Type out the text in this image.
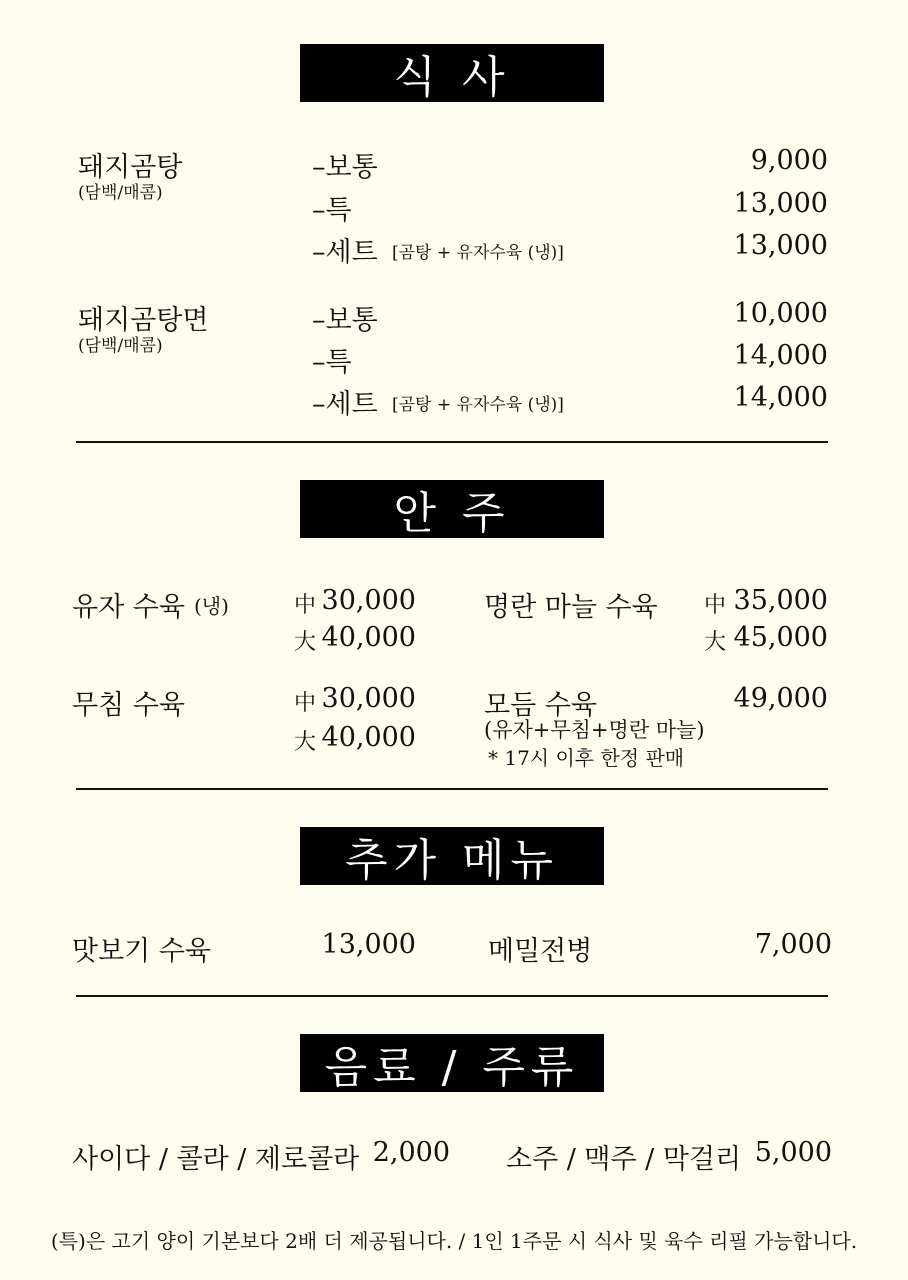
식 사
돼지곰탕
(담백/매콤)
–보통	9,000
–특	13,000
–세트 [곰탕 + 유자수육 (냉)]	13,000
돼지곰탕면
(담백/매콤)
–보통	10,000
–특	14,000
–세트 [곰탕 + 유자수육 (냉)]	14,000
안 주
유자 수육 (냉)	中 30,000
大 40,000
명란 마늘 수육 中 35,000
大 45,000
무침 수육	中 30,000
大 40,000
모듬 수육	49,000
(유자+무침+명란 마늘)
* 17시 이후 한정 판매
추가 메뉴
맛보기 수육	13,000	메밀전병	7,000
음료 / 주류
사이다 / 콜라 / 제로콜라 2,000 소주 / 맥주 / 막걸리 5,000
(특)은 고기 양이 기본보다 2배 더 제공됩니다. / 1인 1주문 시 식사 및 육수 리필 가능합니다.
